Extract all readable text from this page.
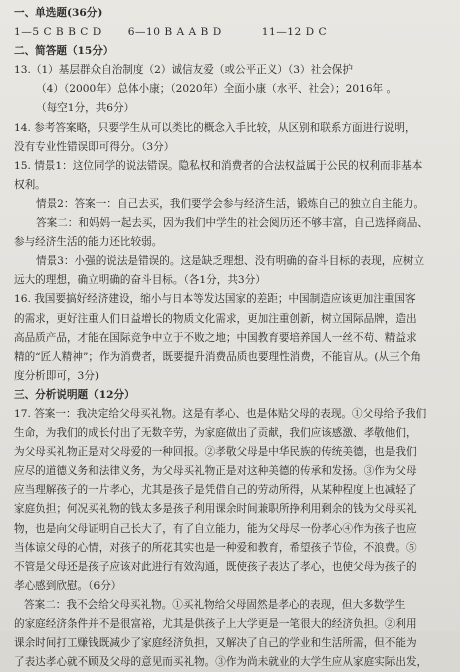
一、单选题(36分)
1—5 C B B C D 6—10 B A A B D	11—12 D C
二、简答题（15分）
13.（1）基层群众自治制度（2）诚信友爱（或公平正义）（3）社会保护
（4）（2000年）总体小康；（2020年）全面小康（水平、社会）；2016年 。
（每空1分，共6分）
14. 参考答案略，只要学生从可以类比的概念入手比较，从区别和联系方面进行说明，
没有专业性错误即可得分。（3分）
15. 情景1：这位同学的说法错误。隐私权和消费者的合法权益属于公民的权利而非基本
权利。
情景2：答案一：自己去买，我们要学会参与经济生活，锻炼自己的独立自主能力。
答案二：和妈妈一起去买，因为我们中学生的社会阅历还不够丰富，自己选择商品、
参与经济生活的能力还比较弱。
情景3：小强的说法是错误的。这是缺乏理想、没有明确的奋斗目标的表现，应树立
远大的理想，确立明确的奋斗目标。（各1分，共3分）
16. 我国要搞好经济建设，缩小与日本等发达国家的差距；中国制造应该更加注重国客
的需求，更好注重人们日益增长的物质文化需求，更加注重创新，树立国际品牌，造出
高品质产品，才能在国际竞争中立于不败之地；中国教育要培养国人一丝不苟、精益求
精的“匠人精神”；作为消费者，既要提升消费品质也要理性消费，不能盲从。(从三个角
度分析即可，3分)
三、分析说明题（12分）
17. 答案一：我决定给父母买礼物。这是有孝心、也是体贴父母的表现。①父母给予我们
生命，为我们的成长付出了无数辛劳，为家庭做出了贡献，我们应该感激、孝敬他们，
为父母买礼物正是对父母爱的一种回报。②孝敬父母是中华民族的传统美德，也是我们
应尽的道德义务和法律义务，为父母买礼物正是对这种美德的传承和发扬。③作为父母
应当理解孩子的一片孝心，尤其是孩子是凭借自己的劳动所得，从某种程度上也减轻了
家庭负担；何况买礼物的钱太多是孩子利用课余时间兼职所挣利用剩余的钱为父母买礼
物，也是向父母证明自己长大了，有了自立能力，能为父母尽一份孝心④作为孩子也应
当体谅父母的心情，对孩子的所花其实也是一种爱和教育，希望孩子节俭，不浪费。⑤
不管是父母还是孩子应该对此进行有效沟通，既使孩子表达了孝心，也使父母为孩子的
孝心感到欣慰。（6分）
答案二：我不会给父母买礼物。①买礼物给父母固然是孝心的表现，但大多数学生
的家庭经济条件并不是很富裕，尤其是供孩子上大学更是一笔很大的经济负担。②利用
课余时间打工赚钱既减少了家庭经济负担，又解决了自己的学业和生活所需，但不能为
了表达孝心就不顾及父母的意见而买礼物。③作为尚未就业的大学生应从家庭实际出发，
